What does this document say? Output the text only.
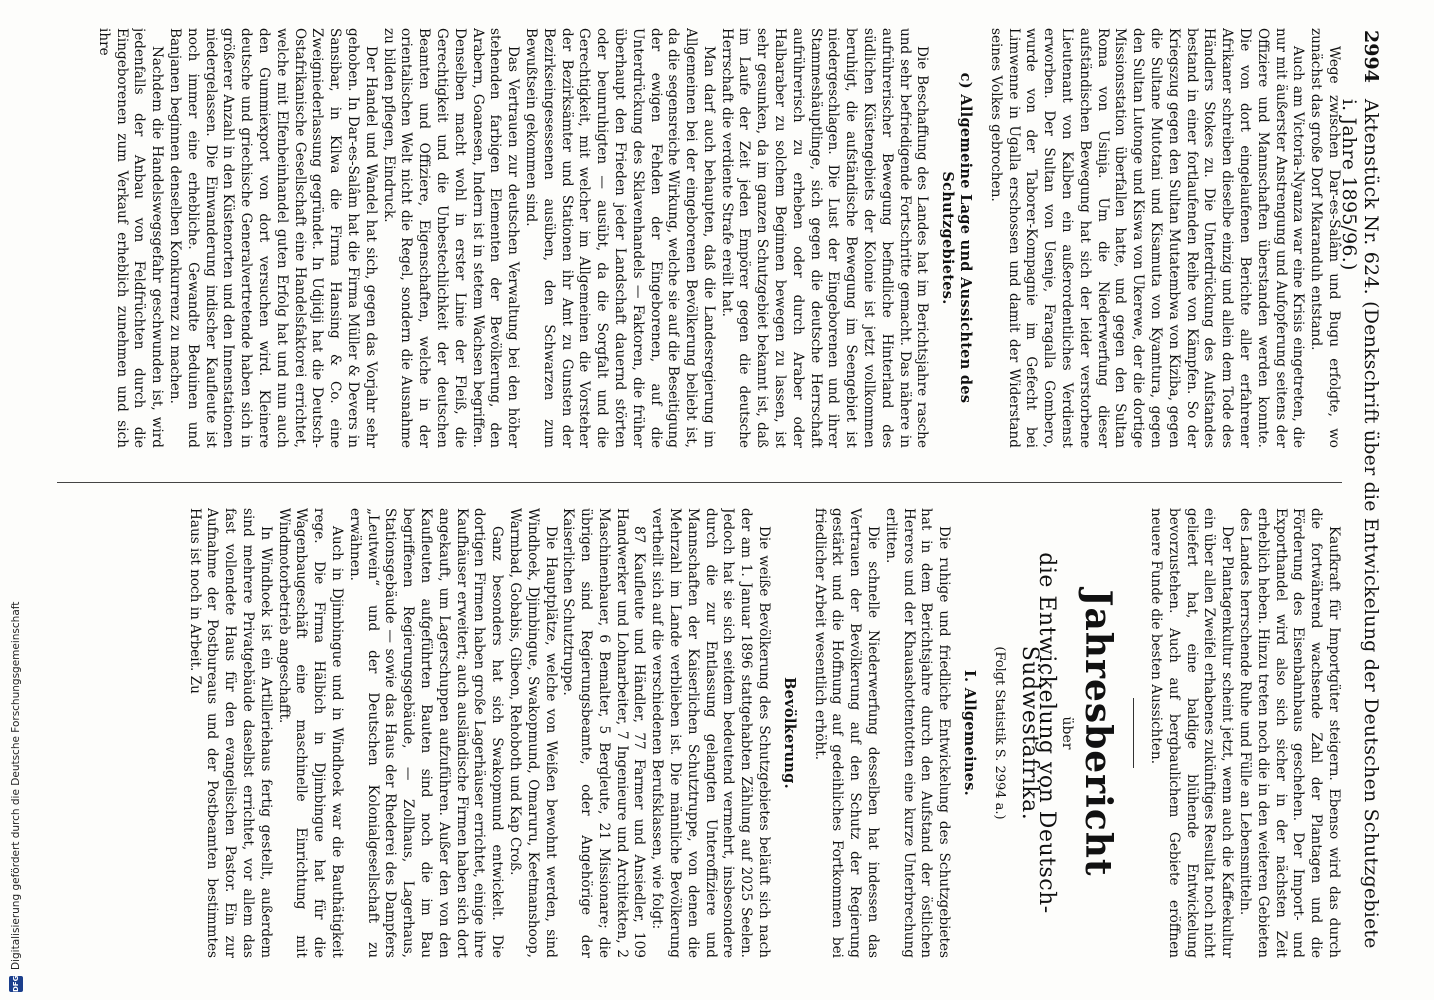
2994
Aktenstück Nr. 624. (Denkschrift über die Entwickelung der Deutschen Schutzgebiete i. Jahre 1895/96.)

Wege zwischen Dar-es-Salâm und Bugu erfolgte, wo zunächst das große Dorf Mkaranduh entstand.

Auch am Victoria-Nyanza war eine Krisis eingetreten, die nur mit äußerster Anstrengung und Aufopferung seitens der Offiziere und Mannschaften überstanden werden konnte. Die von dort eingelaufenen Berichte aller erfahrener Afrikaner schreiben dieselbe einzig und allein dem Tode des Händlers Stokes zu. Die Unterdrückung des Aufstandes bestand in einer fortlaufenden Reihe von Kämpfen. So der Kriegszug gegen den Sultan Mutatembwa von Kiziba, gegen die Sultane Mutotani und Kisamuta von Kyamtura, gegen den Sultan Lutonge und Kiswa von Ukerewe, der die dortige Missionsstation überfallen hatte, und gegen den Sultan Roma von Usinja. Um die Niederwerfung dieser aufständischen Bewegung hat sich der leider verstorbene Lieutenant von Kalben ein außerordentliches Verdienst erworben. Der Sultan von Usenje, Faragalla Gombero, wurde von der Taborer-Kompagnie im Gefecht bei Limwenne in Ugalla erschossen und damit der Widerstand seines Volkes gebrochen.

c) Allgemeine Lage und Aussichten des Schutzgebietes.

Die Beschaffung des Landes hat im Berichtsjahre rasche und sehr befriedigende Fortschritte gemacht. Das nähere in aufrührerischer Bewegung befindliche Hinterland des südlichen Küstengebiets der Kolonie ist jetzt vollkommen beruhigt, die aufständische Bewegung im Seengebiet ist niedergeschlagen. Die Lust der Eingeborenen und ihrer Stammeshäuptlinge, sich gegen die deutsche Herrschaft aufrührerisch zu erheben oder durch Araber oder Halbaraber zu solchem Beginnen bewegen zu lassen, ist sehr gesunken, da im ganzen Schutzgebiet bekannt ist, daß im Laufe der Zeit jeden Empörer gegen die deutsche Herrschaft die verdiente Strafe ereilt hat.

Man darf auch behaupten, daß die Landesregierung im Allgemeinen bei der eingeborenen Bevölkerung beliebt ist, da die segensreiche Wirkung, welche sie auf die Beseitigung der ewigen Fehden der Eingeborenen, auf die Unterdrückung des Sklavenhandels — Faktoren, die früher überhaupt den Frieden jeder Landschaft dauernd störten oder beunruhigten — ausübt, da die Sorgfalt und die Gerechtigkeit, mit welcher im Allgemeinen die Vorsteher der Bezirksämter und Stationen ihr Amt zu Gunsten der Bezirkseingesessenen ausüben, den Schwarzen zum Bewußtsein gekommen sind.

Das Vertrauen zur deutschen Verwaltung bei den höher stehenden farbigen Elementen der Bevölkerung, den Arabern, Goanesen, Indern ist in stetem Wachsen begriffen. Denselben macht wohl in erster Linie der Fleiß, die Gerechtigkeit und die Unbestechlichkeit der deutschen Beamten und Offiziere, Eigenschaften, welche in der orientalischen Welt nicht die Regel, sondern die Ausnahme zu bilden pflegen, Eindruck.

Der Handel und Wandel hat sich, gegen das Vorjahr sehr gehoben. In Dar-es-Salâm hat die Firma Müller & Devers in Sansibar, in Kilwa die Firma Hansing & Co. eine Zweigniederlassung gegründet. In Udjidji hat die Deutsch-Ostafrikanische Gesellschaft eine Handelsfaktorei errichtet, welche mit Elfenbeinhandel guten Erfolg hat und nun auch den Gummiexport von dort versuchen wird. Kleinere deutsche und griechische Generalvertretende haben sich in größerer Anzahl in den Küstenorten und den Innenstationen niedergelassen. Die Einwanderung indischer Kaufleute ist noch immer eine erhebliche. Gewandte Beduinen und Banjanen beginnen denselben Konkurrenz zu machen.

Nachdem die Handelswegsgefahr geschwunden ist, wird jedenfalls der Anbau von Feldfrüchten durch die Eingeborenen zum Verkauf erheblich zunehmen und sich ihre

Kaufkraft für Importgüter steigern. Ebenso wird das durch die fortwährend wachsende Zahl der Plantagen und die Förderung des Eisenbahnbaus geschehen. Der Import- und Exporthandel wird also sich sicher in der nächsten Zeit erheblich heben. Hinzu treten noch die in den weiteren Gebieten des Landes herrschende Ruhe und Fülle an Lebensmitteln.

Der Plantagenkultur scheint jetzt, wenn auch die Kaffeekultur ein über allen Zweifel erhabenes zukünftiges Resultat noch nicht geliefert hat, eine baldige blühende Entwickelung bevorzustehen. Auch auf bergbaulichem Gebiete eröffnen neuere Funde die besten Aussichten.

Jahresbericht
über
die Entwickelung von Deutsch-Südwestafrika.
(Folgt Statistik S. 2994 a.)
I. Allgemeines.

Die ruhige und friedliche Entwickelung des Schutzgebietes hat in dem Berichtsjahre durch den Aufstand der östlichen Hereros und der Khauashottentotten eine kurze Unterbrechung erlitten.

Die schnelle Niederwerfung desselben hat indessen das Vertrauen der Bevölkerung auf den Schutz der Regierung gestärkt und die Hoffnung auf gedeihliches Fortkommen bei friedlicher Arbeit wesentlich erhöht.

Bevölkerung.

Die weiße Bevölkerung des Schutzgebietes beläuft sich nach der am 1. Januar 1896 stattgehabten Zählung auf 2025 Seelen. Jedoch hat sie sich seitdem bedeutend vermehrt, insbesondere durch die zur Entlassung gelangten Unteroffiziere und Mannschaften der Kaiserlichen Schutztruppe, von denen die Mehrzahl im Lande verblieben ist. Die männliche Bevölkerung vertheilt sich auf die verschiedenen Berufsklassen, wie folgt:

87 Kaufleute und Händler, 77 Farmer und Ansiedler, 109 Handwerker und Lohnarbeiter, 7 Ingenieure und Architekten, 2 Maschinenbauer, 6 Bemalter, 5 Bergleute, 21 Missionare; die übrigen sind Regierungsbeamte, oder Angehörige der Kaiserlichen Schutztruppe.

Die Hauptplätze, welche von Weißen bewohnt werden, sind Windhoek, Djimbingue, Swakopmund, Omaruru, Keetmanshoop, Warmbad, Gobabis, Gibeon, Rehoboth und Kap Croß.

Ganz besonders hat sich Swakopmund entwickelt. Die dortigen Firmen haben große Lagerhäuser errichtet, einige ihre Kaufhäuser erweitert; auch ausländische Firmen haben sich dort angekauft, um Lagerschuppen aufzuführen. Außer den von den Kaufleuten aufgeführten Bauten sind noch die im Bau begriffenen Regierungsgebäude, — Zollhaus, Lagerhaus, Stationsgebäude — sowie das Haus der Rhederei des Dampfers „Leutwein“ und der Deutschen Kolonialgesellschaft zu erwähnen.

Auch in Djimbingue und in Windhoek war die Bauthätigkeit rege. Die Firma Hälbich in Djimbingue hat für die Wagenbaugeschäft eine maschinelle Einrichtung mit Windmotorbetrieb angeschafft.

In Windhoek ist ein Artilleriehaus fertig gestellt, außerdem sind mehrere Privatgebäude daselbst errichtet, vor allem das fast vollendete Haus für den evangelischen Pastor. Ein zur Aufnahme der Postbureaus und der Postbeamten bestimmtes Haus ist noch in Arbeit. Zu

DFG
Digitalisierung gefördert durch die Deutsche Forschungsgemeinschaft
